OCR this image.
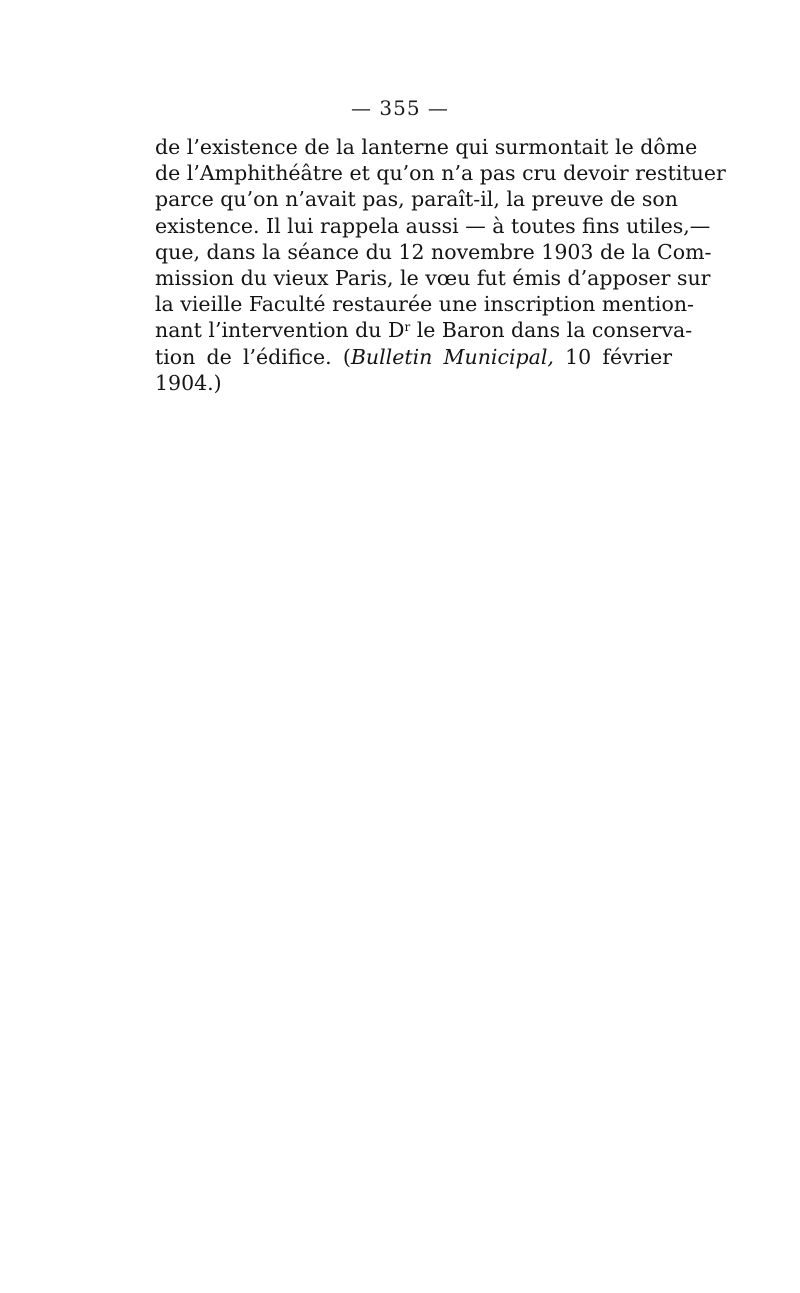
— 355 —
de l’existence de la lanterne qui surmontait le dôme
de l’Amphithéâtre et qu’on n’a pas cru devoir restituer
parce qu’on n’avait pas, paraît-il, la preuve de son
existence. Il lui rappela aussi — à toutes fins utiles,—
que, dans la séance du 12 novembre 1903 de la Com-
mission du vieux Paris, le vœu fut émis d’apposer sur
la vieille Faculté restaurée une inscription mention-
nant l’intervention du $D^r$ le Baron dans la conserva-
tion de l’édifice. (Bulletin Municipal, 10 février
1904.)
